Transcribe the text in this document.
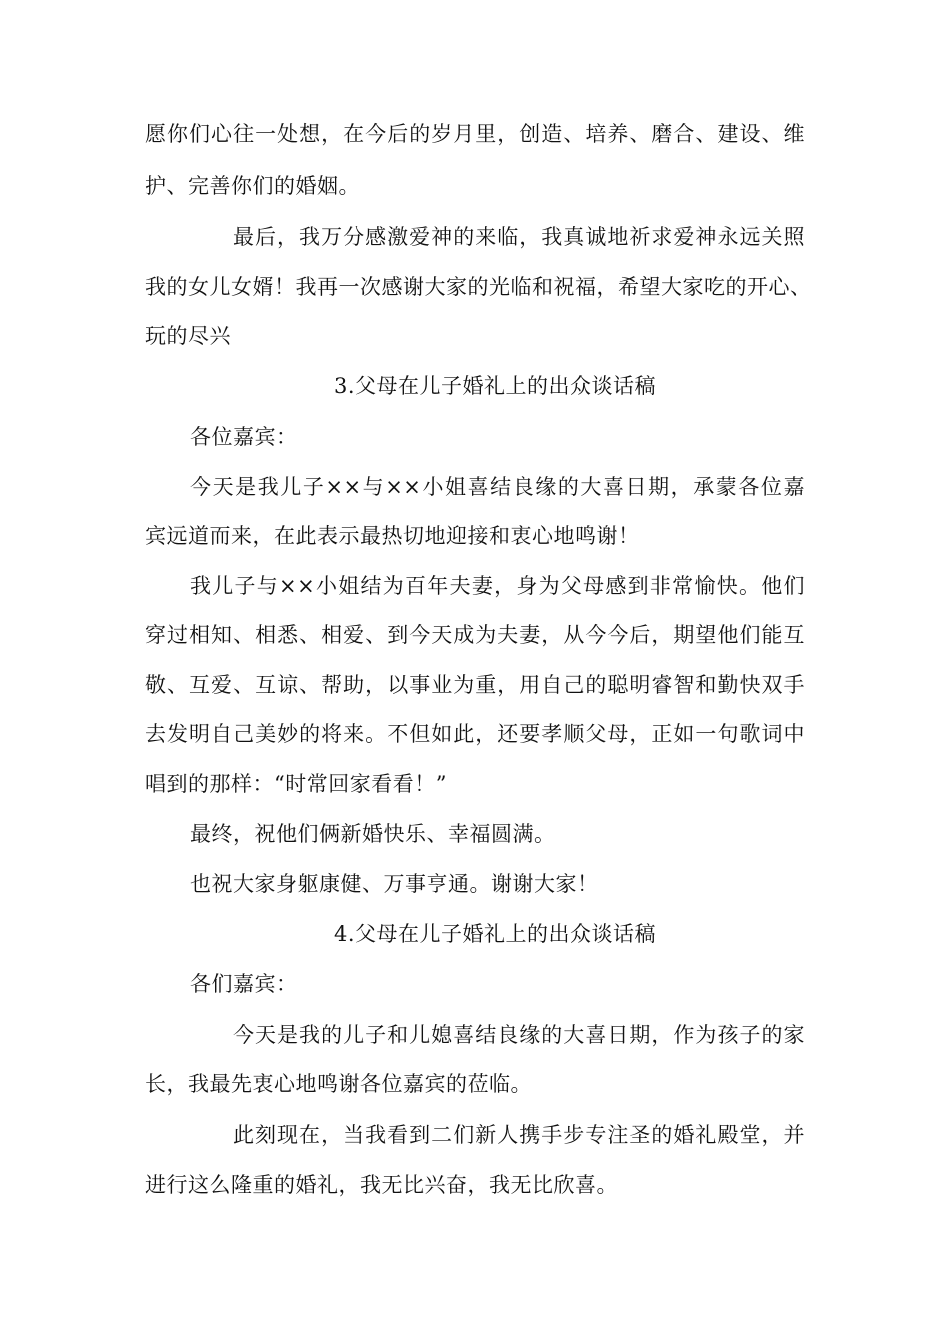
愿你们心往一处想，在今后的岁月里，创造、培养、磨合、建设、维
护、完善你们的婚姻。
最后，我万分感激爱神的来临，我真诚地祈求爱神永远关照
我的女儿女婿！我再一次感谢大家的光临和祝福，希望大家吃的开心、
玩的尽兴
3.父母在儿子婚礼上的出众谈话稿
各位嘉宾：
今天是我儿子××与××小姐喜结良缘的大喜日期，承蒙各位嘉
宾远道而来，在此表示最热切地迎接和衷心地鸣谢！
我儿子与××小姐结为百年夫妻，身为父母感到非常愉快。他们
穿过相知、相悉、相爱、到今天成为夫妻，从今今后，期望他们能互
敬、互爱、互谅、帮助，以事业为重，用自己的聪明睿智和勤快双手
去发明自己美妙的将来。不但如此，还要孝顺父母，正如一句歌词中
唱到的那样：“时常回家看看！”
最终，祝他们俩新婚快乐、幸福圆满。
也祝大家身躯康健、万事亨通。谢谢大家！
4.父母在儿子婚礼上的出众谈话稿
各们嘉宾：
今天是我的儿子和儿媳喜结良缘的大喜日期，作为孩子的家
长，我最先衷心地鸣谢各位嘉宾的莅临。
此刻现在，当我看到二们新人携手步专注圣的婚礼殿堂，并
进行这么隆重的婚礼，我无比兴奋，我无比欣喜。
